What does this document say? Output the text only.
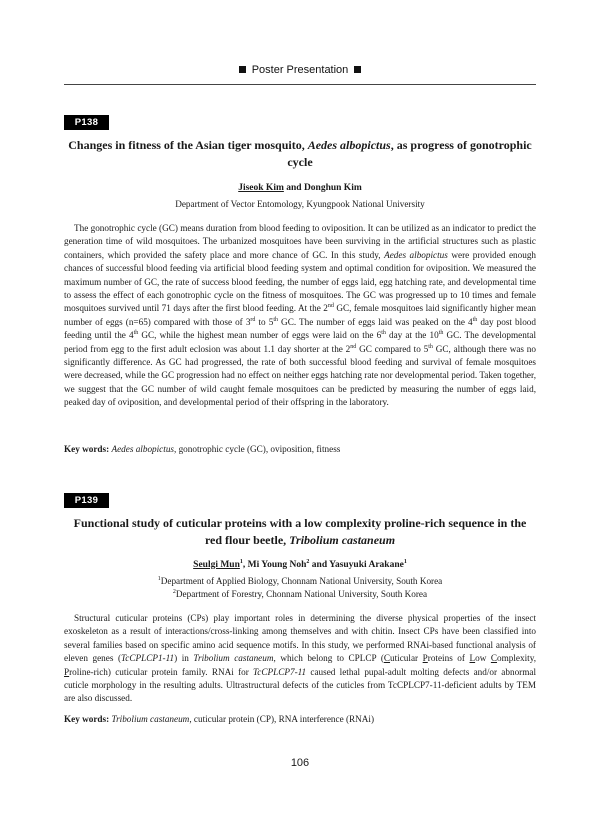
Poster Presentation
P138
Changes in fitness of the Asian tiger mosquito, Aedes albopictus, as progress of gonotrophic cycle
Jiseok Kim and Donghun Kim
Department of Vector Entomology, Kyungpook National University

The gonotrophic cycle (GC) means duration from blood feeding to oviposition. It can be utilized as an indicator to predict the generation time of wild mosquitoes. The urbanized mosquitoes have been surviving in the artificial structures such as plastic containers, which provided the safety place and more chance of GC. In this study, Aedes albopictus were provided enough chances of successful blood feeding via artificial blood feeding system and optimal condition for oviposition. We measured the maximum number of GC, the rate of success blood feeding, the number of eggs laid, egg hatching rate, and developmental time to assess the effect of each gonotrophic cycle on the fitness of mosquitoes. The GC was progressed up to 10 times and female mosquitoes survived until 71 days after the first blood feeding. At the 2nd GC, female mosquitoes laid significantly higher mean number of eggs (n=65) compared with those of 3rd to 5th GC. The number of eggs laid was peaked on the 4th day post blood feeding until the 4th GC, while the highest mean number of eggs were laid on the 6th day at the 10th GC. The developmental period from egg to the first adult eclosion was about 1.1 day shorter at the 2nd GC compared to 5th GC, although there was no significantly difference. As GC had progressed, the rate of both successful blood feeding and survival of female mosquitoes were decreased, while the GC progression had no effect on neither eggs hatching rate nor developmental period. Taken together, we suggest that the GC number of wild caught female mosquitoes can be predicted by measuring the number of eggs laid, peaked day of oviposition, and developmental period of their offspring in the laboratory.

Key words: Aedes albopictus, gonotrophic cycle (GC), oviposition, fitness

P139
Functional study of cuticular proteins with a low complexity proline-rich sequence in the red flour beetle, Tribolium castaneum
Seulgi Mun$^1$, Mi Young Noh$^2$ and Yasuyuki Arakane$^1$
$^1$Department of Applied Biology, Chonnam National University, South Korea
$^2$Department of Forestry, Chonnam National University, South Korea

Structural cuticular proteins (CPs) play important roles in determining the diverse physical properties of the insect exoskeleton as a result of interactions/cross-linking among themselves and with chitin. Insect CPs have been classified into several families based on specific amino acid sequence motifs. In this study, we performed RNAi-based functional analysis of eleven genes (TcCPLCP1-11) in Tribolium castaneum, which belong to CPLCP (Cuticular Proteins of Low Complexity, Proline-rich) cuticular protein family. RNAi for TcCPLCP7-11 caused lethal pupal-adult molting defects and/or abnormal cuticle morphology in the resulting adults. Ultrastructural defects of the cuticles from TcCPLCP7-11-deficient adults by TEM are also discussed.

Key words: Tribolium castaneum, cuticular protein (CP), RNA interference (RNAi)

106
